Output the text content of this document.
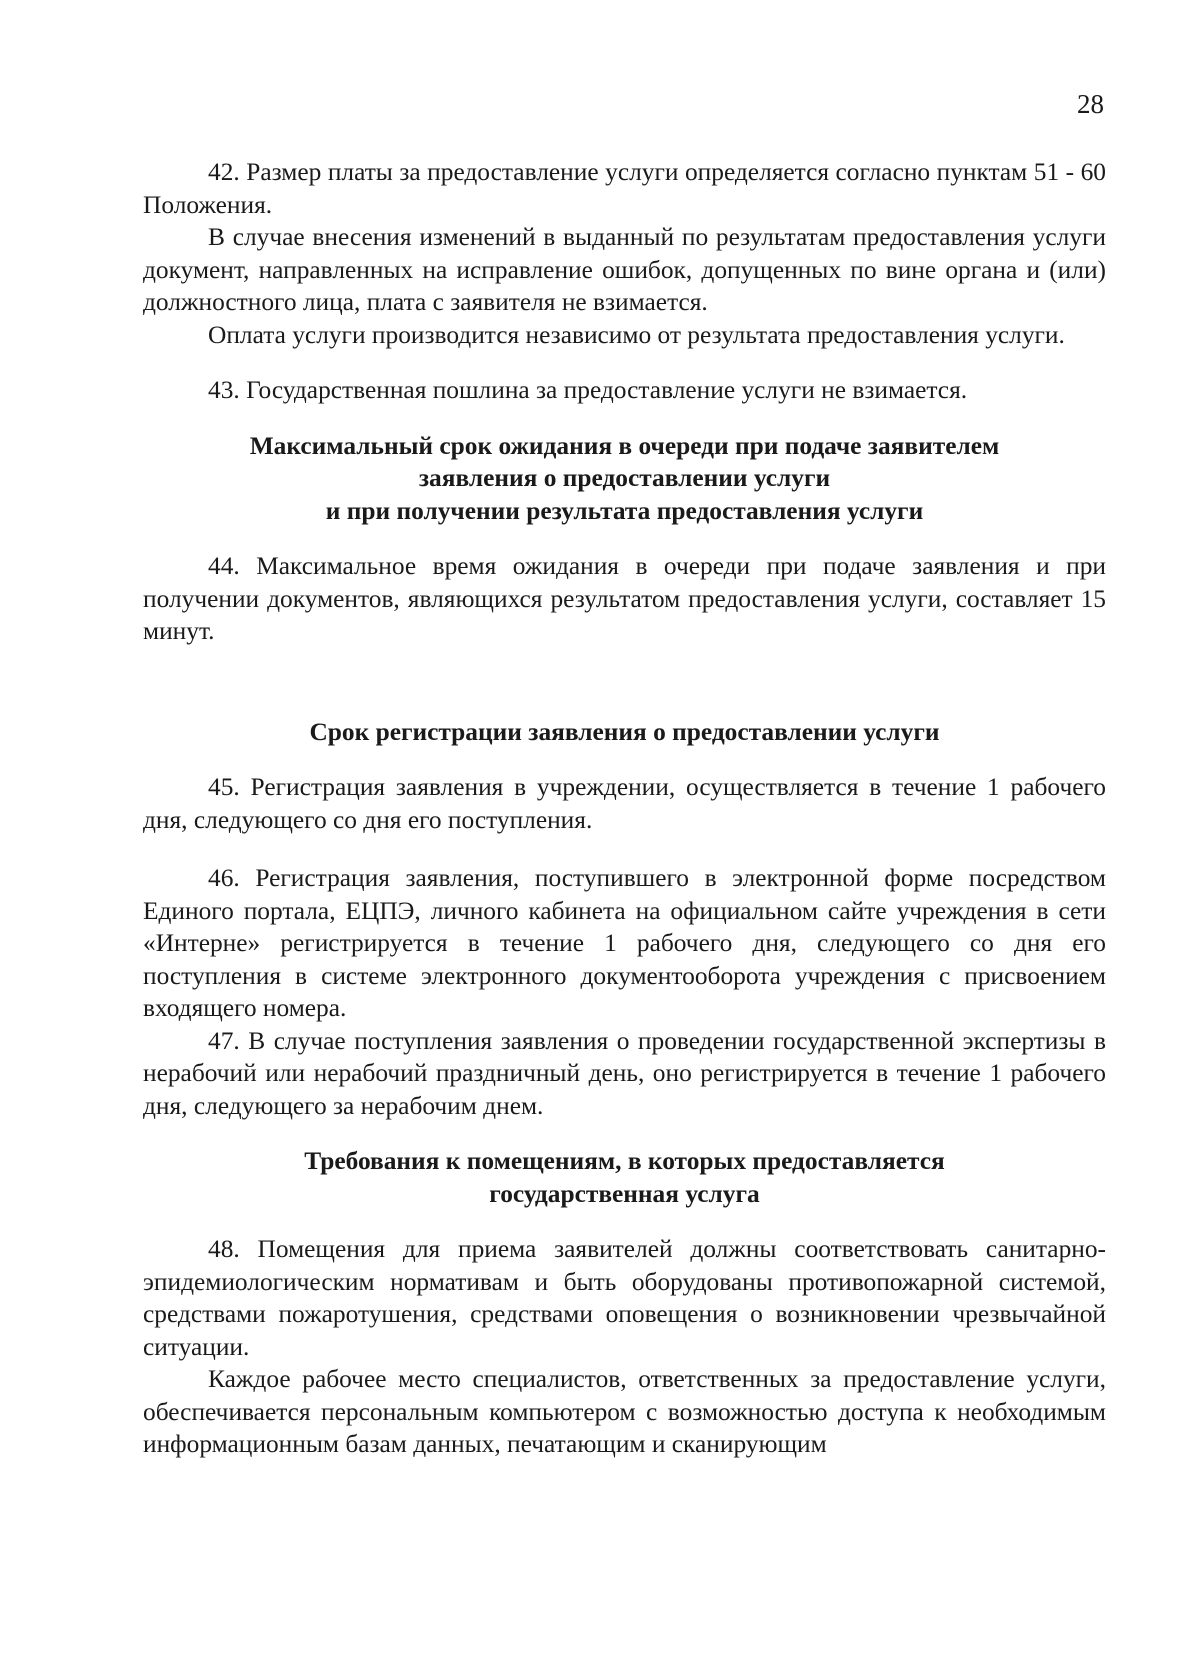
28

42. Размер платы за предоставление услуги определяется согласно пунктам 51 - 60 Положения.

В случае внесения изменений в выданный по результатам предоставления услуги документ, направленных на исправление ошибок, допущенных по вине органа и (или) должностного лица, плата с заявителя не взимается.

Оплата услуги производится независимо от результата предоставления услуги.

43. Государственная пошлина за предоставление услуги не взимается.

Максимальный срок ожидания в очереди при подаче заявителем
заявления о предоставлении услуги
и при получении результата предоставления услуги

44. Максимальное время ожидания в очереди при подаче заявления и при получении документов, являющихся результатом предоставления услуги, составляет 15 минут.

Срок регистрации заявления о предоставлении услуги

45. Регистрация заявления в учреждении, осуществляется в течение 1 рабочего дня, следующего со дня его поступления.

46. Регистрация заявления, поступившего в электронной форме посредством Единого портала, ЕЦПЭ, личного кабинета на официальном сайте учреждения в сети «Интерне» регистрируется в течение 1 рабочего дня, следующего со дня его поступления в системе электронного документооборота учреждения с присвоением входящего номера.

47. В случае поступления заявления о проведении государственной экспертизы в нерабочий или нерабочий праздничный день, оно регистрируется в течение 1 рабочего дня, следующего за нерабочим днем.

Требования к помещениям, в которых предоставляется
государственная услуга

48. Помещения для приема заявителей должны соответствовать санитарно-эпидемиологическим нормативам и быть оборудованы противопожарной системой, средствами пожаротушения, средствами оповещения о возникновении чрезвычайной ситуации.

Каждое рабочее место специалистов, ответственных за предоставление услуги, обеспечивается персональным компьютером с возможностью доступа к необходимым информационным базам данных, печатающим и сканирующим
